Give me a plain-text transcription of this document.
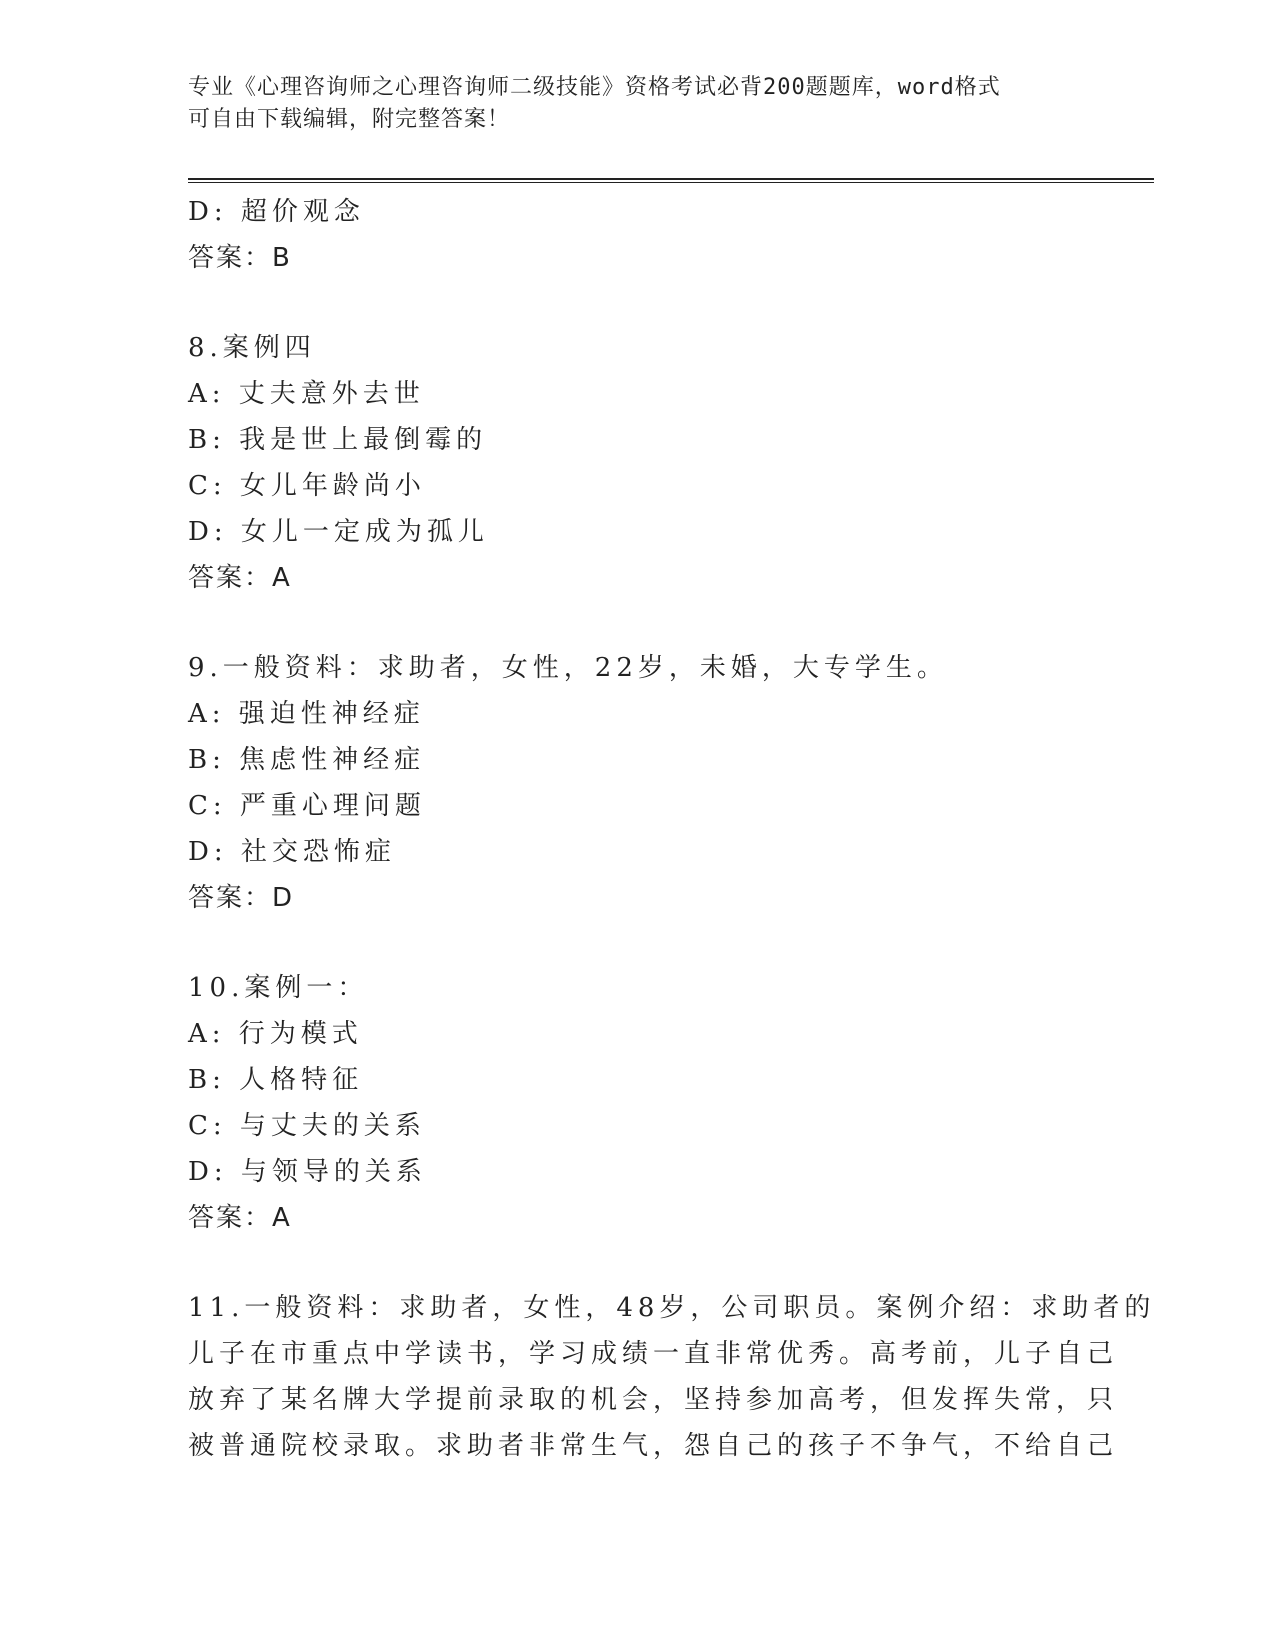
专业《心理咨询师之心理咨询师二级技能》资格考试必背200题题库，word格式
可自由下载编辑，附完整答案！
D: 超价观念
答案：B
8.案例四
A: 丈夫意外去世
B: 我是世上最倒霉的
C: 女儿年龄尚小
D: 女儿一定成为孤儿
答案：A
9.一般资料：求助者，女性，22岁，未婚，大专学生。
A: 强迫性神经症
B: 焦虑性神经症
C: 严重心理问题
D: 社交恐怖症
答案：D
10.案例一：
A: 行为模式
B: 人格特征
C: 与丈夫的关系
D: 与领导的关系
答案：A
11.一般资料：求助者，女性，48岁，公司职员。案例介绍：求助者的
儿子在市重点中学读书，学习成绩一直非常优秀。高考前，儿子自己
放弃了某名牌大学提前录取的机会，坚持参加高考，但发挥失常，只
被普通院校录取。求助者非常生气，怨自己的孩子不争气，不给自己
